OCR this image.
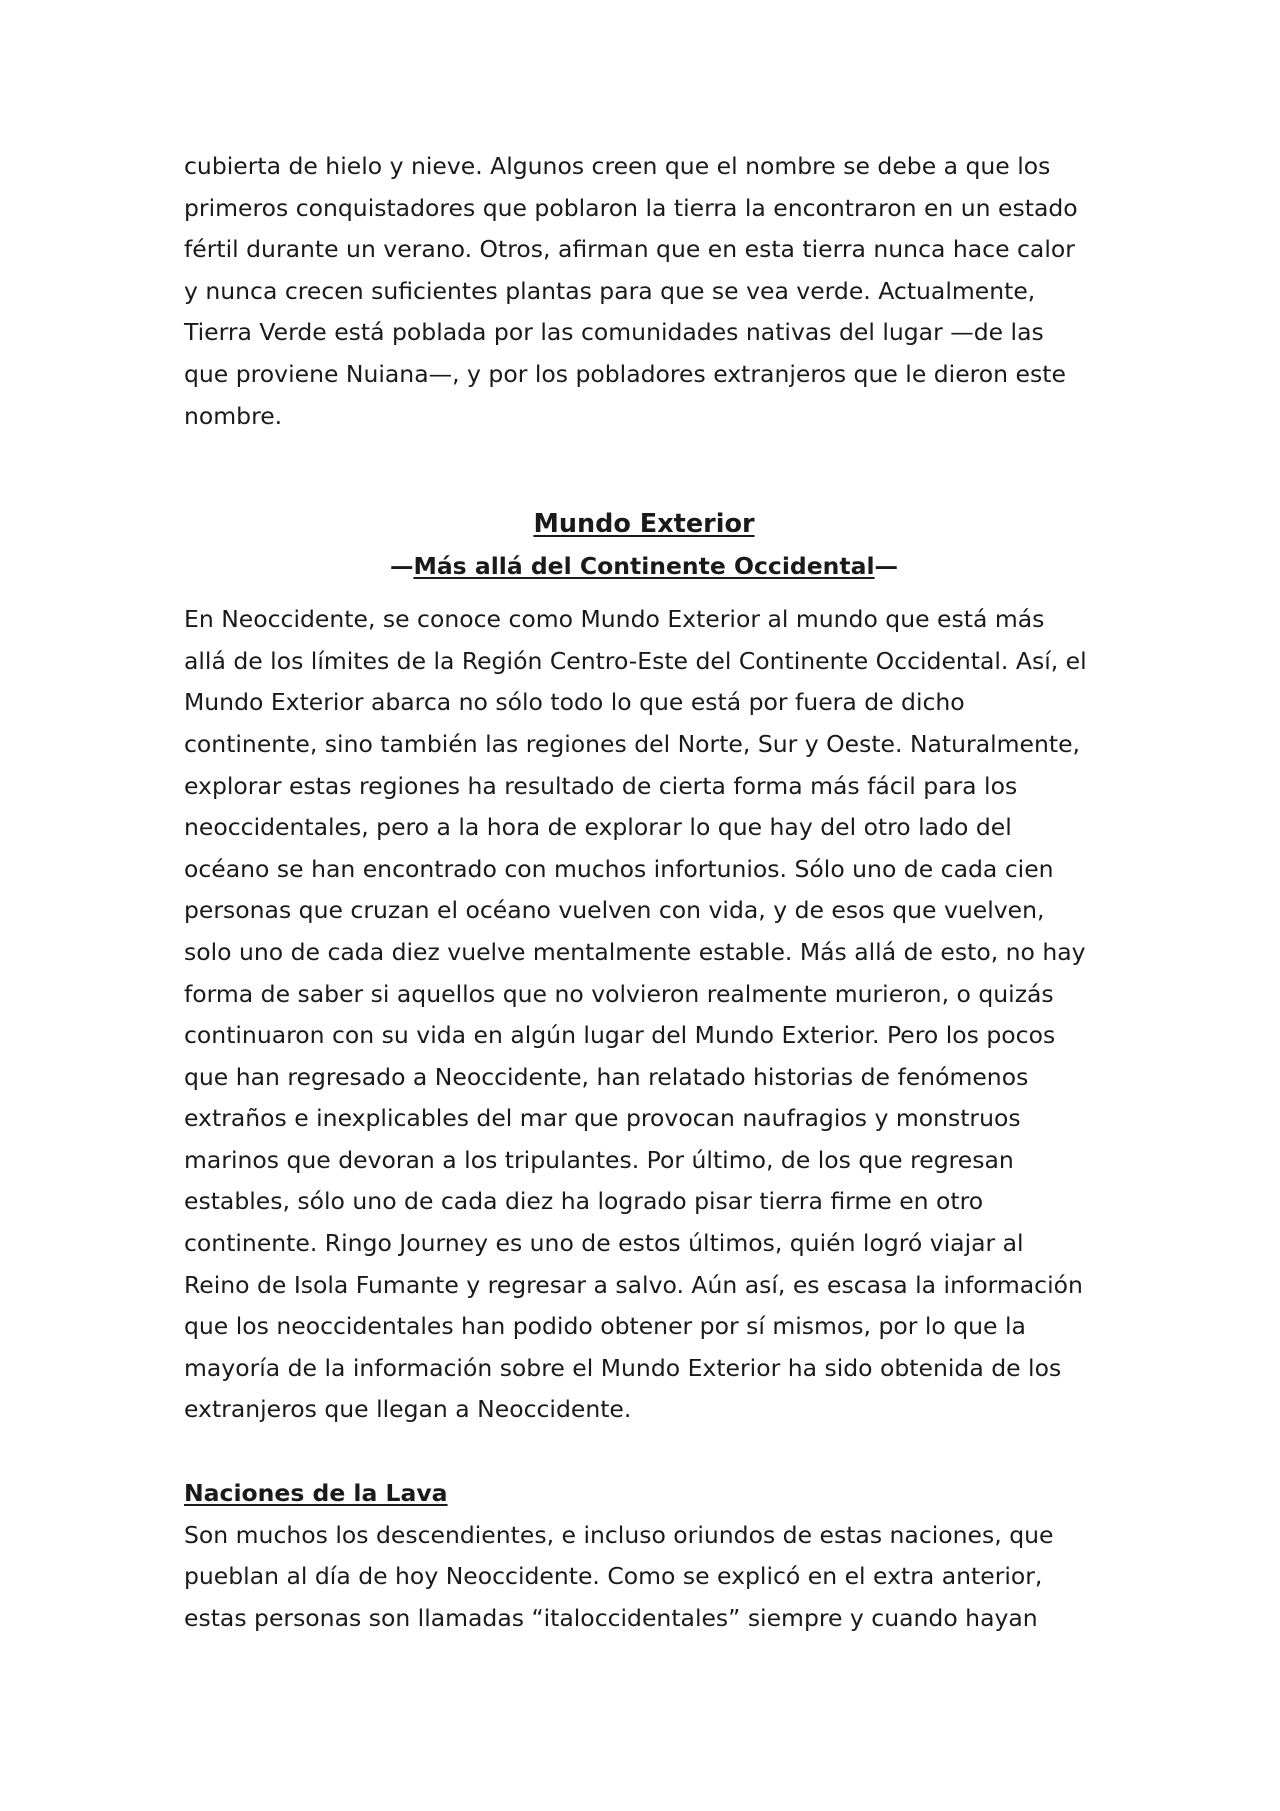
cubierta de hielo y nieve. Algunos creen que el nombre se debe a que los
primeros conquistadores que poblaron la tierra la encontraron en un estado
fértil durante un verano. Otros, afirman que en esta tierra nunca hace calor
y nunca crecen suficientes plantas para que se vea verde. Actualmente,
Tierra Verde está poblada por las comunidades nativas del lugar —de las
que proviene Nuiana—, y por los pobladores extranjeros que le dieron este
nombre.

Mundo Exterior
—Más allá del Continente Occidental—

En Neoccidente, se conoce como Mundo Exterior al mundo que está más
allá de los límites de la Región Centro-Este del Continente Occidental. Así, el
Mundo Exterior abarca no sólo todo lo que está por fuera de dicho
continente, sino también las regiones del Norte, Sur y Oeste. Naturalmente,
explorar estas regiones ha resultado de cierta forma más fácil para los
neoccidentales, pero a la hora de explorar lo que hay del otro lado del
océano se han encontrado con muchos infortunios. Sólo uno de cada cien
personas que cruzan el océano vuelven con vida, y de esos que vuelven,
solo uno de cada diez vuelve mentalmente estable. Más allá de esto, no hay
forma de saber si aquellos que no volvieron realmente murieron, o quizás
continuaron con su vida en algún lugar del Mundo Exterior. Pero los pocos
que han regresado a Neoccidente, han relatado historias de fenómenos
extraños e inexplicables del mar que provocan naufragios y monstruos
marinos que devoran a los tripulantes. Por último, de los que regresan
estables, sólo uno de cada diez ha logrado pisar tierra firme en otro
continente. Ringo Journey es uno de estos últimos, quién logró viajar al
Reino de Isola Fumante y regresar a salvo. Aún así, es escasa la información
que los neoccidentales han podido obtener por sí mismos, por lo que la
mayoría de la información sobre el Mundo Exterior ha sido obtenida de los
extranjeros que llegan a Neoccidente.

Naciones de la Lava

Son muchos los descendientes, e incluso oriundos de estas naciones, que
pueblan al día de hoy Neoccidente. Como se explicó en el extra anterior,
estas personas son llamadas “italoccidentales” siempre y cuando hayan
